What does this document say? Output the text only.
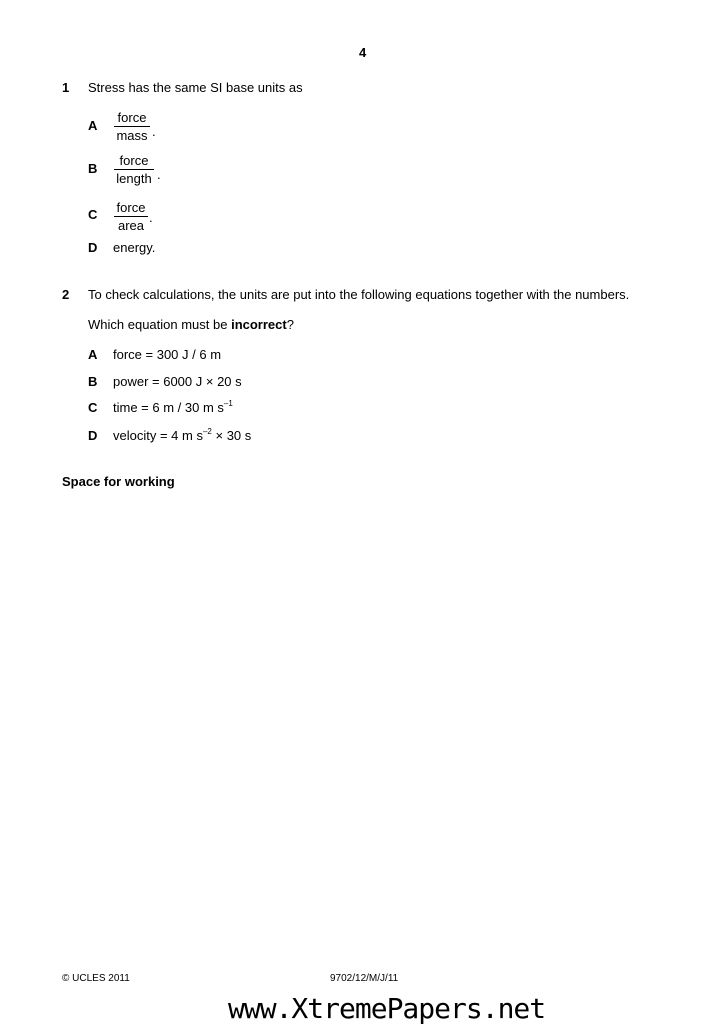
4
1 Stress has the same SI base units as
A
force
mass .
B
force
length .
C force
area
.
D energy.
2 To check calculations, the units are put into the following equations together with the numbers.
Which equation must be incorrect?
A force = 300 J / 6 m
B power = 6000 J × 20 s
C time = 6 m / 30 m $s^{-1}$
D velocity = 4 m $s^{-2} \times 30$ s
Space for working
© UCLES 2011	9702/12/M/J/11
www.XtremePapers.net
